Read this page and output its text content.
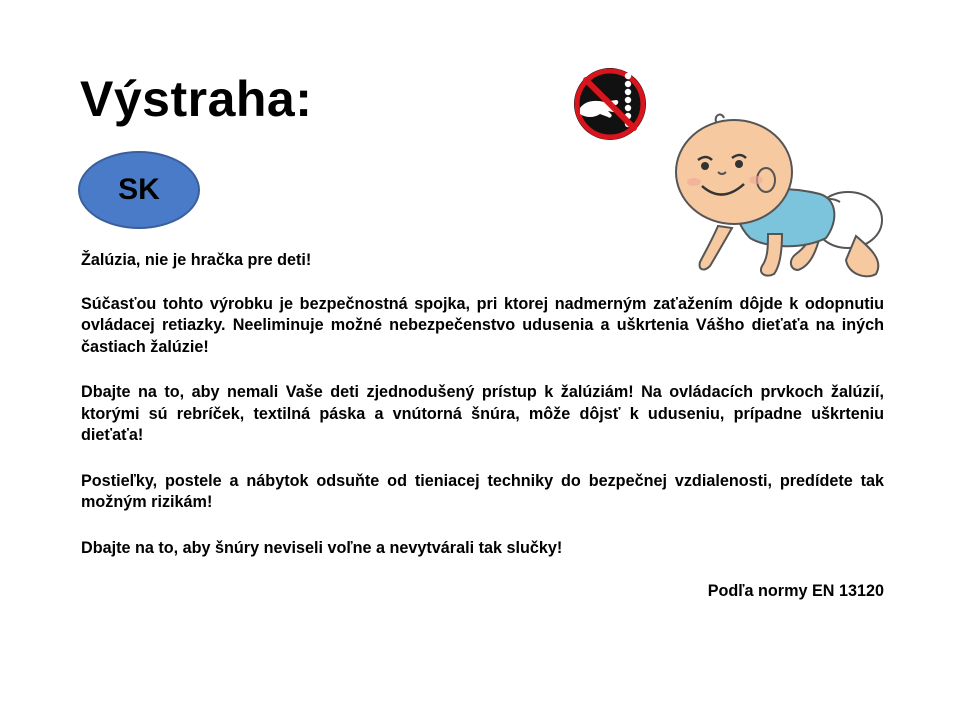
Výstraha:
SK

Žalúzia, nie je hračka pre deti!

Súčasťou tohto výrobku je bezpečnostná spojka, pri ktorej nadmerným zaťažením dôjde k odopnutiu ovládacej retiazky. Neeliminuje možné nebezpečenstvo udusenia a uškrtenia Vášho dieťaťa na iných častiach žalúzie!

Dbajte na to, aby nemali Vaše deti zjednodušený prístup k žalúziám! Na ovládacích prvkoch žalúzií, ktorými sú rebríček, textilná páska a vnútorná šnúra, môže dôjsť k uduseniu, prípadne uškrteniu dieťaťa!

Postieľky, postele a nábytok odsuňte od tieniacej techniky do bezpečnej vzdialenosti, predídete tak možným rizikám!

Dbajte na to, aby šnúry neviseli voľne a nevytvárali tak slučky!

Podľa normy EN 13120
